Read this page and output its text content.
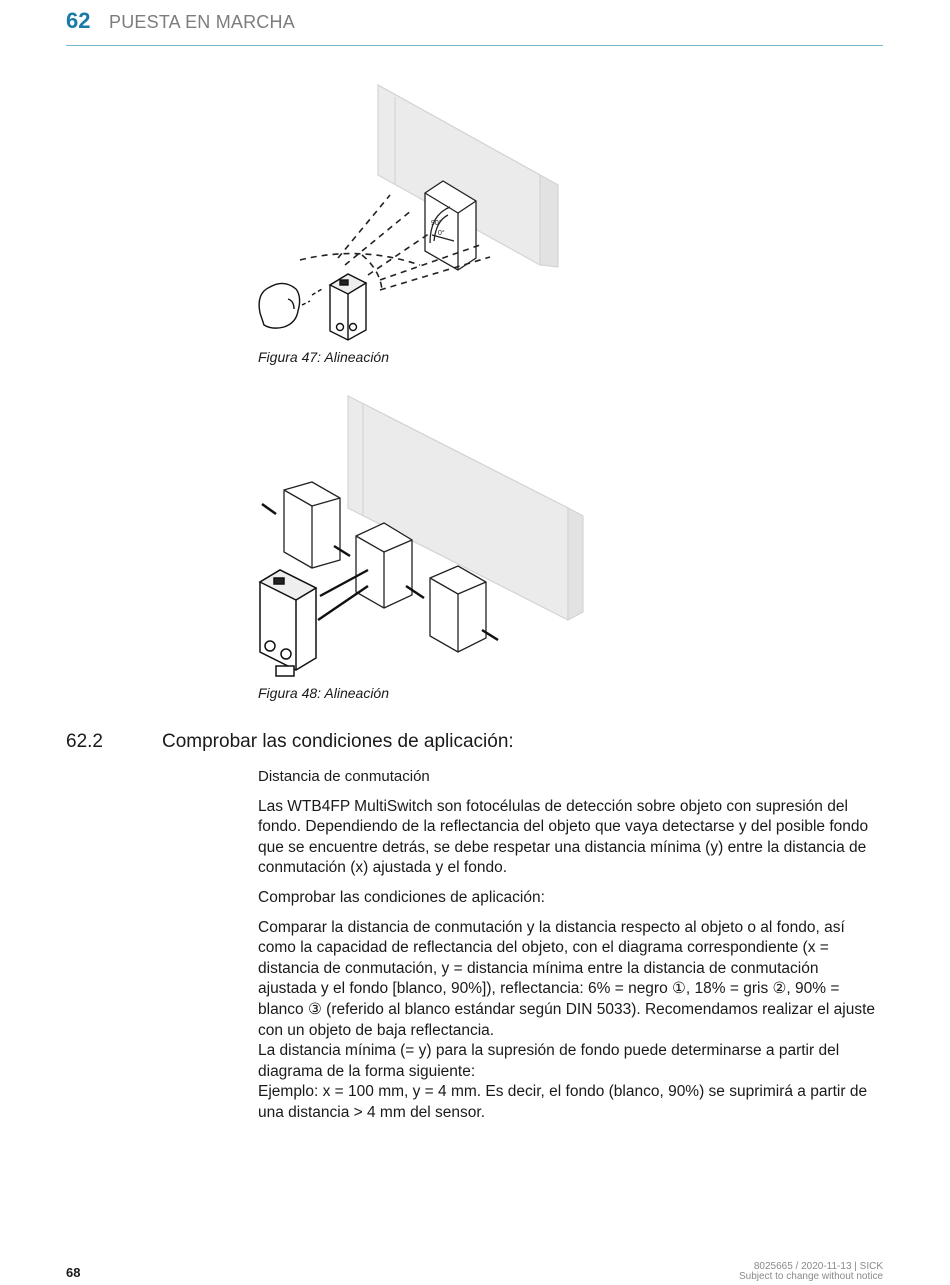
62 PUESTA EN MARCHA
90°
0°
Figura 47: Alineación
Figura 48: Alineación
62.2	Comprobar las condiciones de aplicación:
Distancia de conmutación

Las WTB4FP MultiSwitch son fotocélulas de detección sobre objeto con supresión del fondo. Dependiendo de la reflectancia del objeto que vaya detectarse y del posible fondo que se encuentre detrás, se debe respetar una distancia mínima (y) entre la distancia de conmutación (x) ajustada y el fondo.

Comprobar las condiciones de aplicación:

Comparar la distancia de conmutación y la distancia respecto al objeto o al fondo, así como la capacidad de reflectancia del objeto, con el diagrama correspondiente (x = distancia de conmutación, y = distancia mínima entre la distancia de conmutación ajustada y el fondo [blanco, 90%]), reflectancia: 6% = negro ①, 18% = gris ②, 90% = blanco ③ (referido al blanco estándar según DIN 5033). Recomendamos realizar el ajuste con un objeto de baja reflectancia.

La distancia mínima (= y) para la supresión de fondo puede determinarse a partir del diagrama de la forma siguiente:

Ejemplo: x = 100 mm, y = 4 mm. Es decir, el fondo (blanco, 90%) se suprimirá a partir de una distancia > 4 mm del sensor.

68	8025665 / 2020-11-13 | SICK
Subject to change without notice
